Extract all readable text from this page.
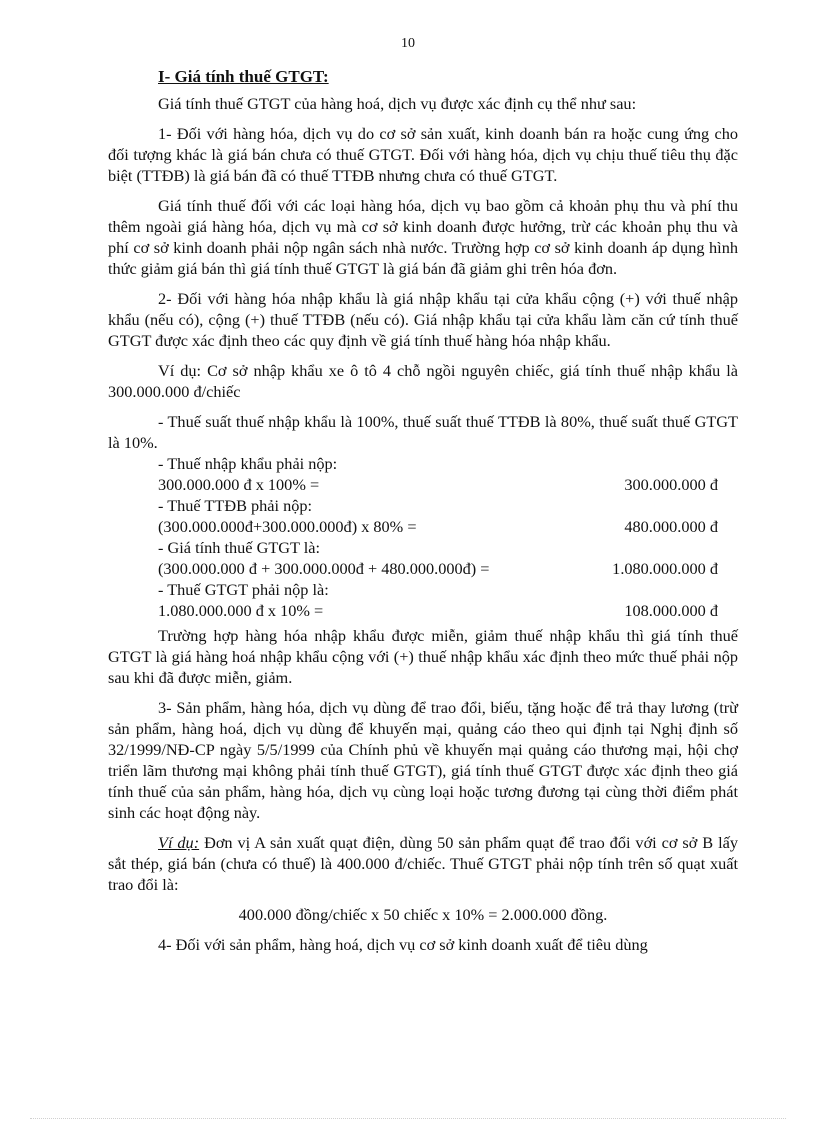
10

I- Giá tính thuế GTGT:

Giá tính thuế GTGT của hàng hoá, dịch vụ được xác định cụ thể như sau:

1- Đối với hàng hóa, dịch vụ do cơ sở sản xuất, kinh doanh bán ra hoặc cung ứng cho đối tượng khác là giá bán chưa có thuế GTGT. Đối với hàng hóa, dịch vụ chịu thuế tiêu thụ đặc biệt (TTĐB) là giá bán đã có thuế TTĐB nhưng chưa có thuế GTGT.

Giá tính thuế đối với các loại hàng hóa, dịch vụ bao gồm cả khoản phụ thu và phí thu thêm ngoài giá hàng hóa, dịch vụ mà cơ sở kinh doanh được hưởng, trừ các khoản phụ thu và phí cơ sở kinh doanh phải nộp ngân sách nhà nước. Trường hợp cơ sở kinh doanh áp dụng hình thức giảm giá bán thì giá tính thuế GTGT là giá bán đã giảm ghi trên hóa đơn.

2- Đối với hàng hóa nhập khẩu là giá nhập khẩu tại cửa khẩu cộng (+) với thuế nhập khẩu (nếu có), cộng (+) thuế TTĐB (nếu có). Giá nhập khẩu tại cửa khẩu làm căn cứ tính thuế GTGT được xác định theo các quy định về giá tính thuế hàng hóa nhập khẩu.

Ví dụ: Cơ sở nhập khẩu xe ô tô 4 chỗ ngồi nguyên chiếc, giá tính thuế nhập khẩu là 300.000.000 đ/chiếc

- Thuế suất thuế nhập khẩu là 100%, thuế suất thuế TTĐB là 80%, thuế suất thuế GTGT là 10%.

- Thuế nhập khẩu phải nộp:
300.000.000 đ x 100% =	300.000.000 đ
- Thuế TTĐB phải nộp:
(300.000.000đ+300.000.000đ) x 80% =	480.000.000 đ
- Giá tính thuế GTGT là:
(300.000.000 đ + 300.000.000đ + 480.000.000đ) =	1.080.000.000 đ
- Thuế GTGT phải nộp là:
1.080.000.000 đ x 10% =	108.000.000 đ

Trường hợp hàng hóa nhập khẩu được miễn, giảm thuế nhập khẩu thì giá tính thuế GTGT là giá hàng hoá nhập khẩu cộng với (+) thuế nhập khẩu xác định theo mức thuế phải nộp sau khi đã được miễn, giảm.

3- Sản phẩm, hàng hóa, dịch vụ dùng để trao đổi, biếu, tặng hoặc để trả thay lương (trừ sản phẩm, hàng hoá, dịch vụ dùng để khuyến mại, quảng cáo theo qui định tại Nghị định số 32/1999/NĐ-CP ngày 5/5/1999 của Chính phủ về khuyến mại quảng cáo thương mại, hội chợ triển lãm thương mại không phải tính thuế GTGT), giá tính thuế GTGT được xác định theo giá tính thuế của sản phẩm, hàng hóa, dịch vụ cùng loại hoặc tương đương tại cùng thời điểm phát sinh các hoạt động này.

Ví dụ: Đơn vị A sản xuất quạt điện, dùng 50 sản phẩm quạt để trao đổi với cơ sở B lấy sắt thép, giá bán (chưa có thuế) là 400.000 đ/chiếc. Thuế GTGT phải nộp tính trên số quạt xuất trao đổi là:

400.000 đồng/chiếc x 50 chiếc x 10% = 2.000.000 đồng.

4- Đối với sản phẩm, hàng hoá, dịch vụ cơ sở kinh doanh xuất để tiêu dùng
